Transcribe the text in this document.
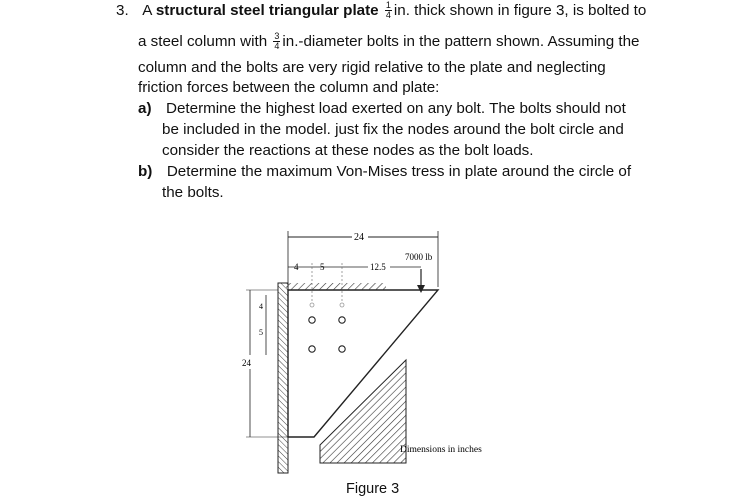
3. A structural steel triangular plate $\frac{1}{4}$ in. thick shown in figure 3, is bolted to
a steel column with $\frac{3}{4}$ in.-diameter bolts in the pattern shown. Assuming the
column and the bolts are very rigid relative to the plate and neglecting
friction forces between the column and plate:
a) Determine the highest load exerted on any bolt. The bolts should not
be included in the model. just fix the nodes around the bolt circle and
consider the reactions at these nodes as the bolt loads.
b) Determine the maximum Von-Mises tress in plate around the circle of
the bolts.
24
7000 lb
4 5	12.5
4
5
24
Dimensions in inches
Figure 3
